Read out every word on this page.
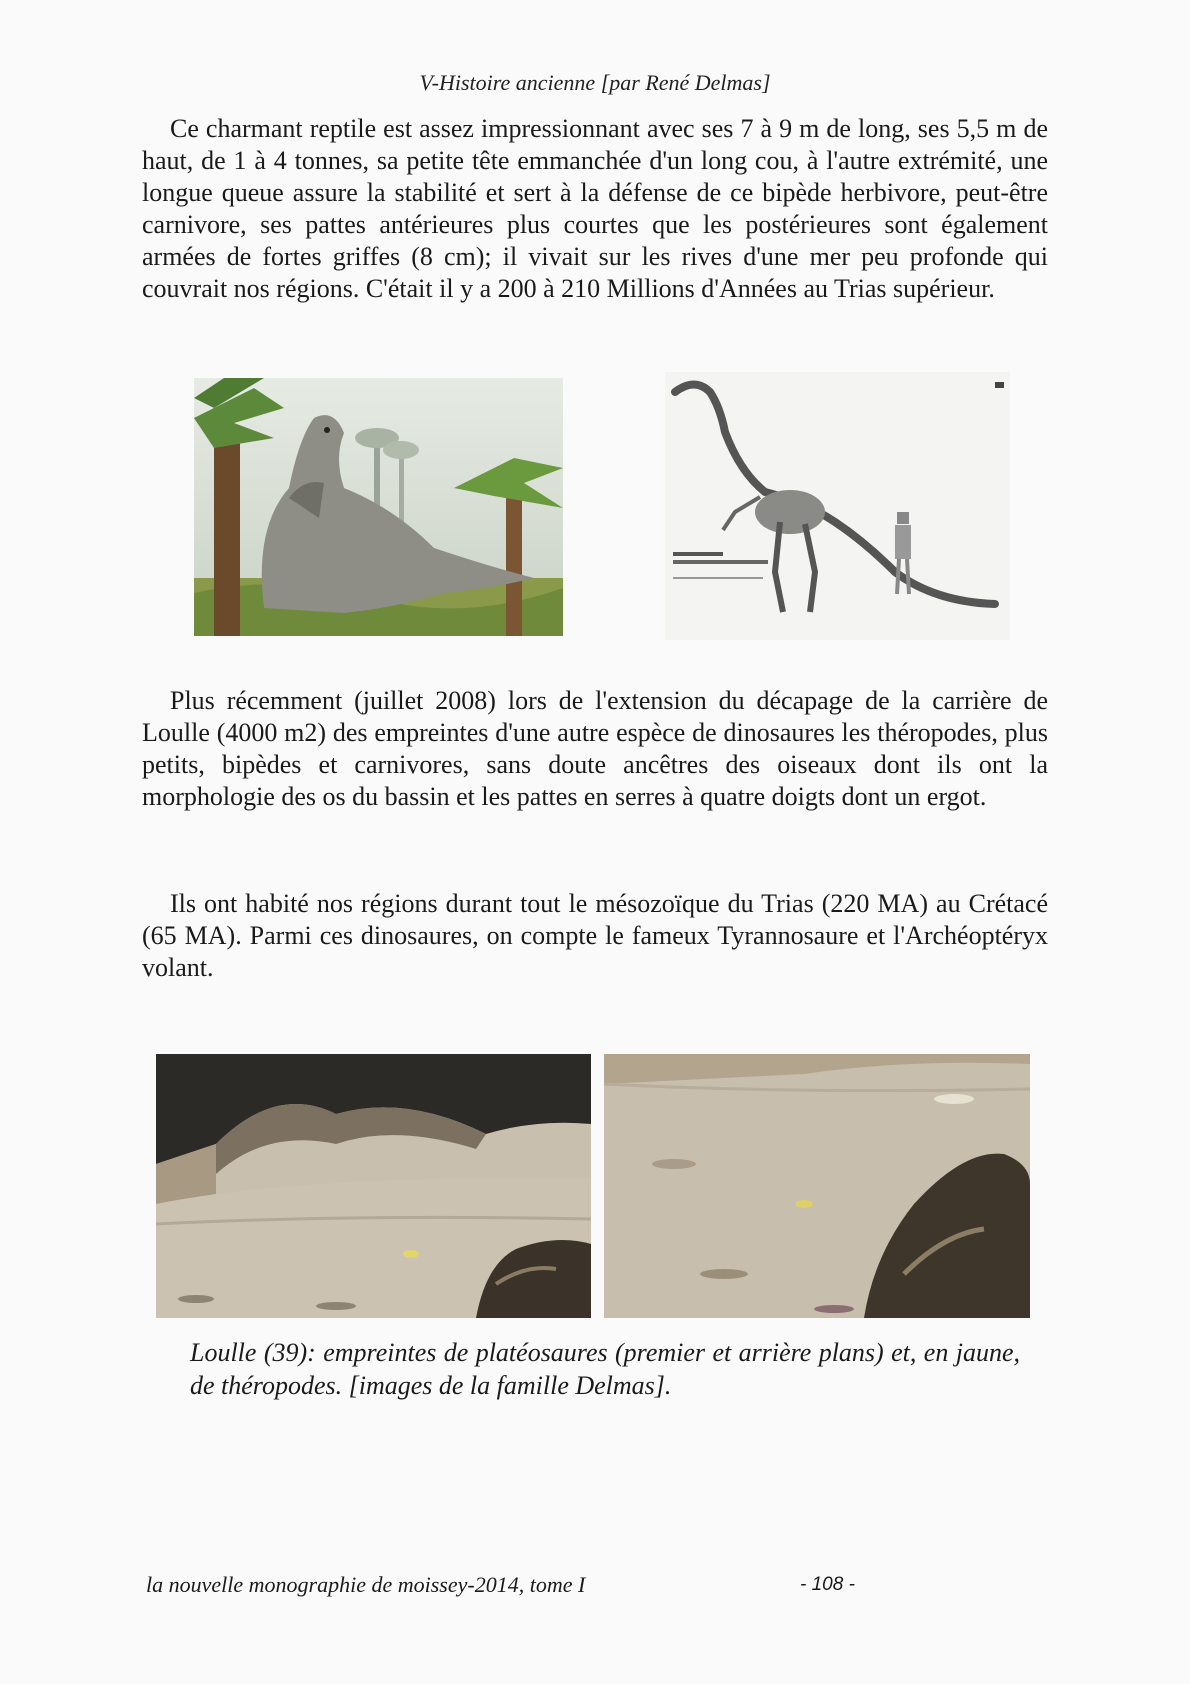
V-Histoire ancienne [par René Delmas]

Ce charmant reptile est assez impressionnant avec ses 7 à 9 m de long, ses 5,5 m de haut, de 1 à 4 tonnes, sa petite tête emmanchée d'un long cou, à l'autre extrémité, une longue queue assure la stabilité et sert à la défense de ce bipède herbivore, peut-être carnivore, ses pattes antérieures plus courtes que les postérieures sont également armées de fortes griffes (8 cm); il vivait sur les rives d'une mer peu profonde qui couvrait nos régions. C'était il y a 200 à 210 Millions d'Années au Trias supérieur.

Plus récemment (juillet 2008) lors de l'extension du décapage de la carrière de Loulle (4000 m2) des empreintes d'une autre espèce de dinosaures les théropodes, plus petits, bipèdes et carnivores, sans doute ancêtres des oiseaux dont ils ont la morphologie des os du bassin et les pattes en serres à quatre doigts dont un ergot.

Ils ont habité nos régions durant tout le mésozoïque du Trias (220 MA) au Crétacé (65 MA). Parmi ces dinosaures, on compte le fameux Tyrannosaure et l'Archéoptéryx volant.

Loulle (39): empreintes de platéosaures (premier et arrière plans) et, en jaune, de théropodes. [images de la famille Delmas].

la nouvelle monographie de moissey-2014, tome I	- 108 -
